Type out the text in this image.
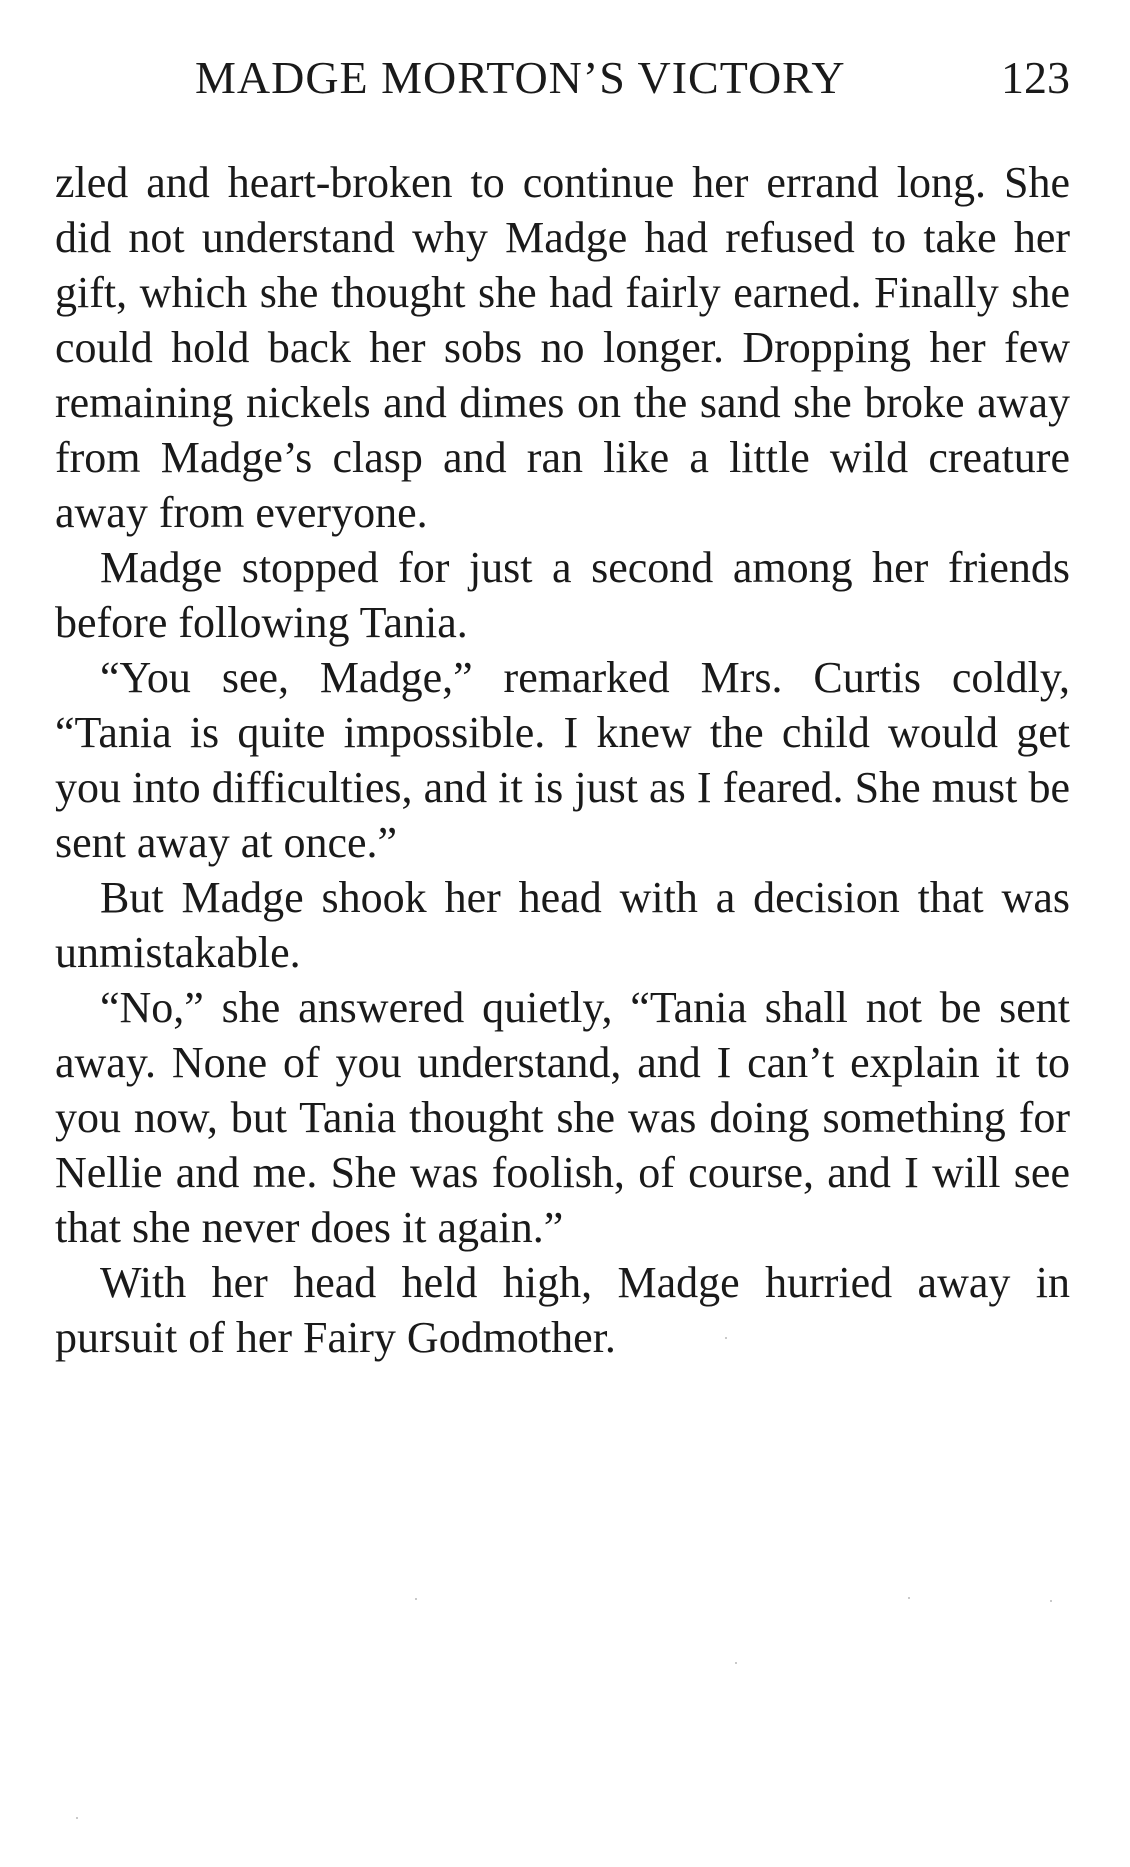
MADGE MORTON’S VICTORY	123

zled and heart-broken to continue her errand long. She did not understand why Madge had refused to take her gift, which she thought she had fairly earned. Finally she could hold back her sobs no longer. Dropping her few remaining nickels and dimes on the sand she broke away from Madge’s clasp and ran like a little wild creature away from everyone.

Madge stopped for just a second among her friends before following Tania.

“You see, Madge,” remarked Mrs. Curtis coldly, “Tania is quite impossible. I knew the child would get you into difficulties, and it is just as I feared. She must be sent away at once.”

But Madge shook her head with a decision that was unmistakable.

“No,” she answered quietly, “Tania shall not be sent away. None of you understand, and I can’t explain it to you now, but Tania thought she was doing something for Nellie and me. She was foolish, of course, and I will see that she never does it again.”

With her head held high, Madge hurried away in pursuit of her Fairy Godmother.
